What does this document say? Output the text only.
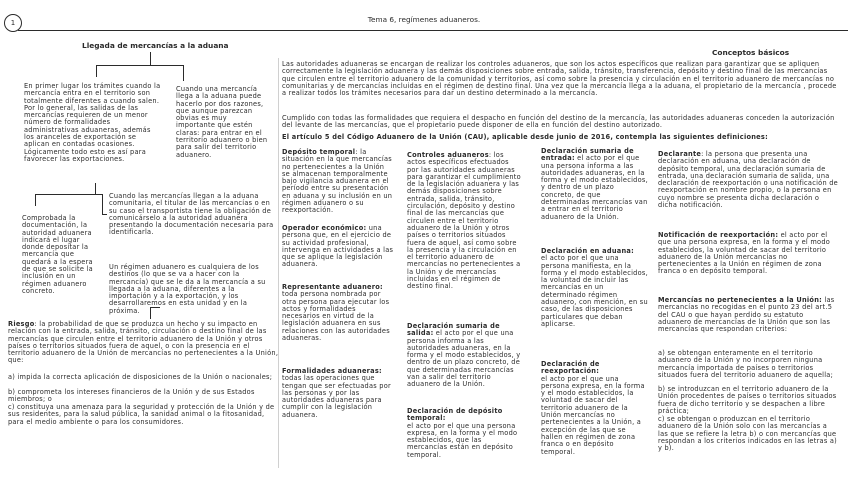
1	Tema 6, regímenes aduaneros.
Llegada de mercancías a la aduana
Conceptos básicos
En primer lugar los trámites cuando la mercancía entra en el territorio son totalmente diferentes a cuando salen. Por lo general, las salidas de las mercancías requieren de un menor número de formalidades administrativas aduaneras, además los aranceles de exportación se aplican en contadas ocasiones. Lógicamente todo esto es así para favorecer las exportaciones.
Cuando una mercancía llega a la aduana puede hacerlo por dos razones, que aunque parezcan obvias es muy importante que estén claras: para entrar en el territorio aduanero o bien para salir del territorio aduanero.
Comprobada la documentación, la autoridad aduanera indicará el lugar donde depositar la mercancía que quedará a la espera de que se solicite la inclusión en un régimen aduanero concreto.
Cuando las mercancías llegan a la aduana comunitaria, el titular de las mercancías o en su caso el transportista tiene la obligación de comunicárselo a la autoridad aduanera presentando la documentación necesaria para identificarla.
Un régimen aduanero es cualquiera de los destinos (lo que se va a hacer con la mercancía) que se le da a la mercancía a su llegada a la aduana, diferentes a la importación y a la exportación, y los desarrollaremos en esta unidad y en la próxima.
Riesgo: la probabilidad de que se produzca un hecho y su impacto en relación con la entrada, salida, tránsito, circulación o destino final de las mercancías que circulen entre el territorio aduanero de la Unión y otros países o territorios situados fuera de aquel, o con la presencia en el territorio aduanero de la Unión de mercancías no pertenecientes a la Unión, que:
a) impida la correcta aplicación de disposiciones de la Unión o nacionales;
b) comprometa los intereses financieros de la Unión y de sus Estados miembros; o
c) constituya una amenaza para la seguridad y protección de la Unión y de sus residentes, para la salud pública, la sanidad animal o la fitosanidad, para el medio ambiente o para los consumidores.
Las autoridades aduaneras se encargan de realizar los controles aduaneros, que son los actos específicos que realizan para garantizar que se apliquen correctamente la legislación aduanera y las demás disposiciones sobre entrada, salida, tránsito, transferencia, depósito y destino final de las mercancías que circulen entre el territorio aduanero de la comunidad y territorios, así como sobre la presencia y circulación en el territorio aduanero de mercancías no comunitarias y de mercancías incluidas en el régimen de destino final. Una vez que la mercancía llega a la aduana, el propietario de la mercancía , procede a realizar todos los trámites necesarios para dar un destino determinado a la mercancía.
Cumplido con todas las formalidades que requiera el despacho en función del destino de la mercancía, las autoridades aduaneras conceden la autorización del levante de las mercancías, que el propietario puede disponer de ella en función del destino autorizado.
El artículo 5 del Código Aduanero de la Unión (CAU), aplicable desde junio de 2016, contempla las siguientes definiciones:
Depósito temporal: la situación en la que mercancías no pertenecientes a la Unión se almacenan temporalmente bajo vigilancia aduanera en el período entre su presentación en aduana y su inclusión en un régimen aduanero o su reexportación.
Operador económico: una persona que, en el ejercicio de su actividad profesional, intervenga en actividades a las que se aplique la legislación aduanera.
Representante aduanero:
toda persona nombrada por otra persona para ejecutar los actos y formalidades necesarios en virtud de la legislación aduanera en sus relaciones con las autoridades aduaneras.
Formalidades aduaneras:
todas las operaciones que tengan que ser efectuadas por las personas y por las autoridades aduaneras para cumplir con la legislación aduanera.
Controles aduaneros: los actos específicos efectuados por las autoridades aduaneras para garantizar el cumplimiento de la legislación aduanera y las demás disposiciones sobre entrada, salida, tránsito, circulación, depósito y destino final de las mercancías que circulen entre el territorio aduanero de la Unión y otros países o territorios situados fuera de aquel, así como sobre la presencia y la circulación en el territorio aduanero de mercancías no pertenecientes a la Unión y de mercancías incluidas en el régimen de destino final.
Declaración sumaria de salida: el acto por el que una persona informa a las autoridades aduaneras, en la forma y el modo establecidos, y dentro de un plazo concreto, de que determinadas mercancías van a salir del territorio aduanero de la Unión.
Declaración de depósito temporal:
el acto por el que una persona expresa, en la forma y el modo establecidos, que las mercancías están en depósito temporal.
Declaración sumaria de entrada: el acto por el que una persona informa a las autoridades aduaneras, en la forma y el modo establecidos, y dentro de un plazo concreto, de que determinadas mercancías van a entrar en el territorio aduanero de la Unión.
Declaración en aduana:
el acto por el que una persona manifiesta, en la forma y el modo establecidos, la voluntad de incluir las mercancías en un determinado régimen aduanero, con mención, en su caso, de las disposiciones particulares que deban aplicarse.
Declaración de reexportación:
el acto por el que una persona expresa, en la forma y el modo establecidos, la voluntad de sacar del territorio aduanero de la Unión mercancías no pertenecientes a la Unión, a excepción de las que se hallen en régimen de zona franca o en depósito temporal.
Declarante: la persona que presenta una declaración en aduana, una declaración de depósito temporal, una declaración sumaria de entrada, una declaración sumaria de salida, una declaración de reexportación o una notificación de reexportación en nombre propio, o la persona en cuyo nombre se presenta dicha declaración o dicha notificación.
Notificación de reexportación: el acto por el que una persona expresa, en la forma y el modo establecidos, la voluntad de sacar del territorio aduanero de la Unión mercancías no pertenecientes a la Unión en régimen de zona franca o en depósito temporal.
Mercancías no pertenecientes a la Unión: las mercancías no recogidas en el punto 23 del art.5 del CAU o que hayan perdido su estatuto aduanero de mercancías de la Unión que son las mercancías que respondan criterios:
a) se obtengan enteramente en el territorio aduanero de la Unión y no incorporen ninguna mercancía importada de países o territorios situados fuera del territorio aduanero de aquella;
b) se introduzcan en el territorio aduanero de la Unión procedentes de países o territorios situados fuera de dicho territorio y se despachen a libre práctica;
c) se obtengan o produzcan en el territorio aduanero de la Unión solo con las mercancías a las que se refiere la letra b) o con mercancías que respondan a los criterios indicados en las letras a) y b).
